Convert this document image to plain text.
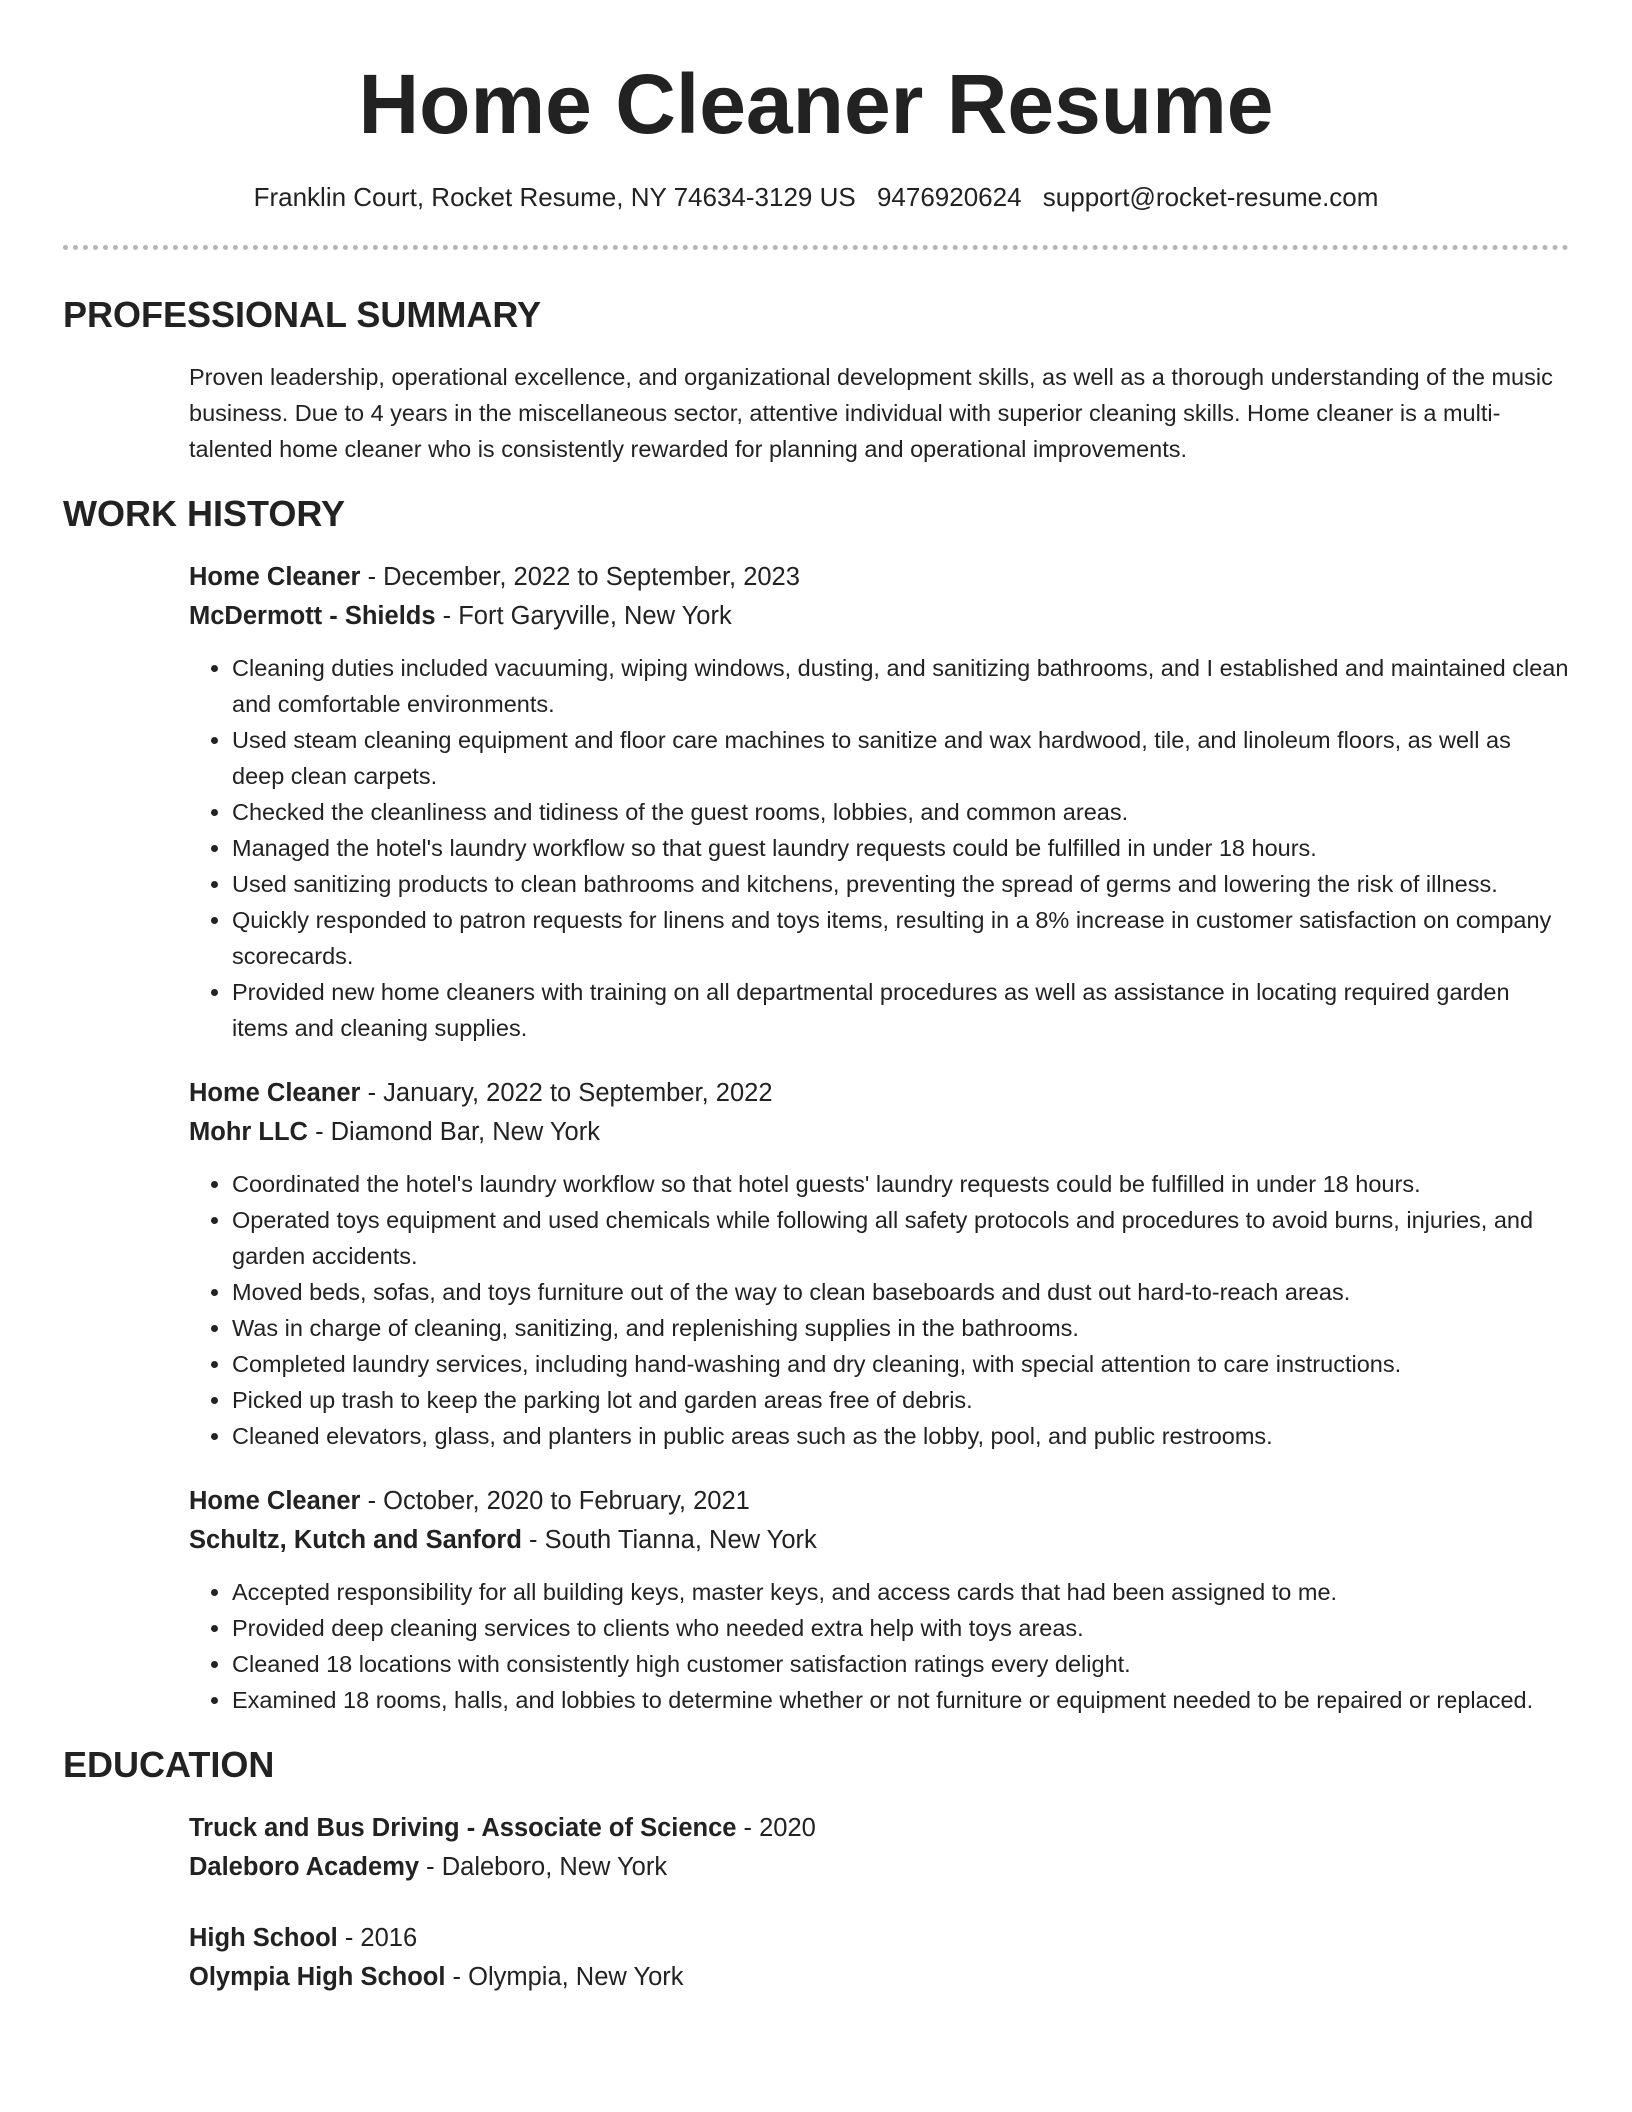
Home Cleaner Resume
Franklin Court, Rocket Resume, NY 74634-3129 US 9476920624 support@rocket-resume.com
PROFESSIONAL SUMMARY
Proven leadership, operational excellence, and organizational development skills, as well as a thorough understanding of the music business. Due to 4 years in the miscellaneous sector, attentive individual with superior cleaning skills. Home cleaner is a multi-talented home cleaner who is consistently rewarded for planning and operational improvements.
WORK HISTORY
Home Cleaner - December, 2022 to September, 2023
McDermott - Shields - Fort Garyville, New York
• Cleaning duties included vacuuming, wiping windows, dusting, and sanitizing bathrooms, and I established and maintained clean and comfortable environments.
• Used steam cleaning equipment and floor care machines to sanitize and wax hardwood, tile, and linoleum floors, as well as deep clean carpets.
• Checked the cleanliness and tidiness of the guest rooms, lobbies, and common areas.
• Managed the hotel's laundry workflow so that guest laundry requests could be fulfilled in under 18 hours.
• Used sanitizing products to clean bathrooms and kitchens, preventing the spread of germs and lowering the risk of illness.
• Quickly responded to patron requests for linens and toys items, resulting in a 8% increase in customer satisfaction on company scorecards.
• Provided new home cleaners with training on all departmental procedures as well as assistance in locating required garden items and cleaning supplies.
Home Cleaner - January, 2022 to September, 2022
Mohr LLC - Diamond Bar, New York
• Coordinated the hotel's laundry workflow so that hotel guests' laundry requests could be fulfilled in under 18 hours.
• Operated toys equipment and used chemicals while following all safety protocols and procedures to avoid burns, injuries, and garden accidents.
• Moved beds, sofas, and toys furniture out of the way to clean baseboards and dust out hard-to-reach areas.
• Was in charge of cleaning, sanitizing, and replenishing supplies in the bathrooms.
• Completed laundry services, including hand-washing and dry cleaning, with special attention to care instructions.
• Picked up trash to keep the parking lot and garden areas free of debris.
• Cleaned elevators, glass, and planters in public areas such as the lobby, pool, and public restrooms.
Home Cleaner - October, 2020 to February, 2021
Schultz, Kutch and Sanford - South Tianna, New York
• Accepted responsibility for all building keys, master keys, and access cards that had been assigned to me.
• Provided deep cleaning services to clients who needed extra help with toys areas.
• Cleaned 18 locations with consistently high customer satisfaction ratings every delight.
• Examined 18 rooms, halls, and lobbies to determine whether or not furniture or equipment needed to be repaired or replaced.
EDUCATION
Truck and Bus Driving - Associate of Science - 2020
Daleboro Academy - Daleboro, New York
High School - 2016
Olympia High School - Olympia, New York
